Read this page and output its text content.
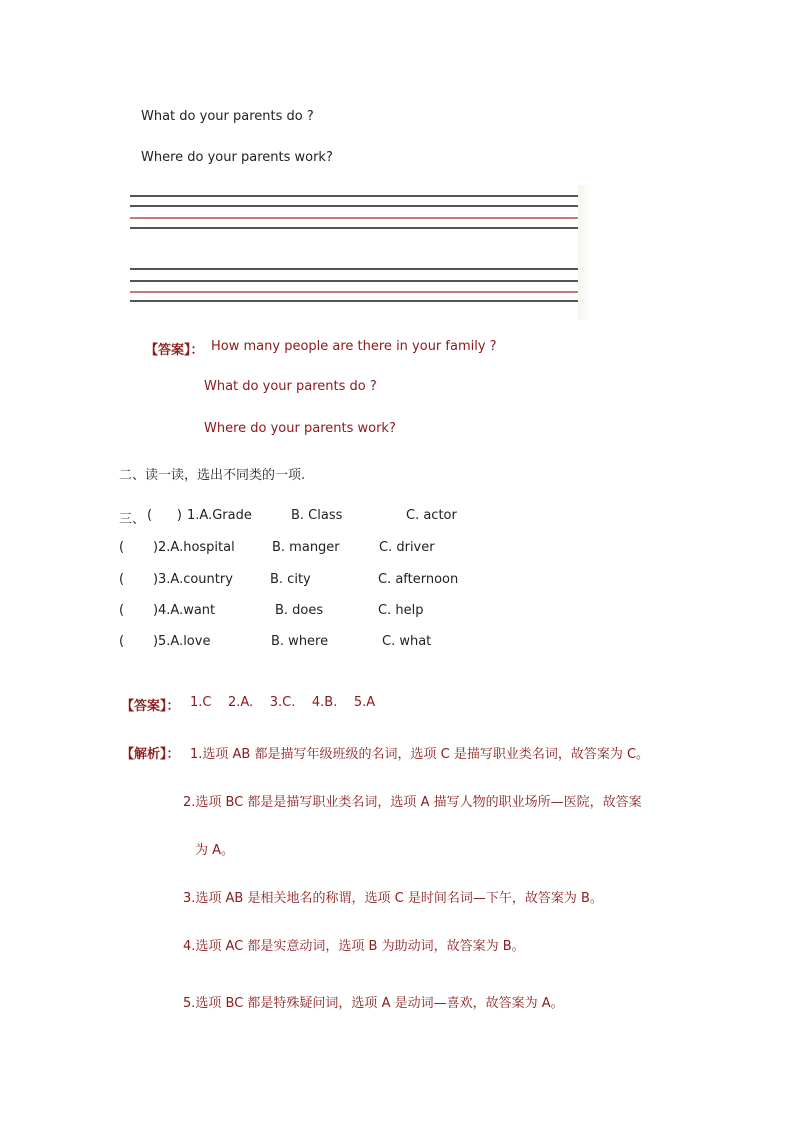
What do your parents do ?
Where do your parents work?
【答案】： How many people are there in your family ?
What do your parents do ?
Where do your parents work?
二、读一读，选出不同类的一项.
三、 (      ) 1.A.Grade	B. Class	C. actor
(       ) 2.A.hospital	B. manger	C. driver
(       ) 3.A.country	B. city	C. afternoon
(       ) 4.A.want	B. does	C. help
(       ) 5.A.love	B. where	C. what
【答案】： 1.C    2.A.    3.C.    4.B.    5.A
【解析】： 1.选项 AB 都是描写年级班级的名词，选项 C 是描写职业类名词，故答案为 C。
2.选项 BC 都是是描写职业类名词，选项 A 描写人物的职业场所—医院，故答案
为 A。
3.选项 AB 是相关地名的称谓，选项 C 是时间名词—下午，故答案为 B。
4.选项 AC 都是实意动词，选项 B 为助动词，故答案为 B。
5.选项 BC 都是特殊疑问词，选项 A 是动词—喜欢，故答案为 A。
